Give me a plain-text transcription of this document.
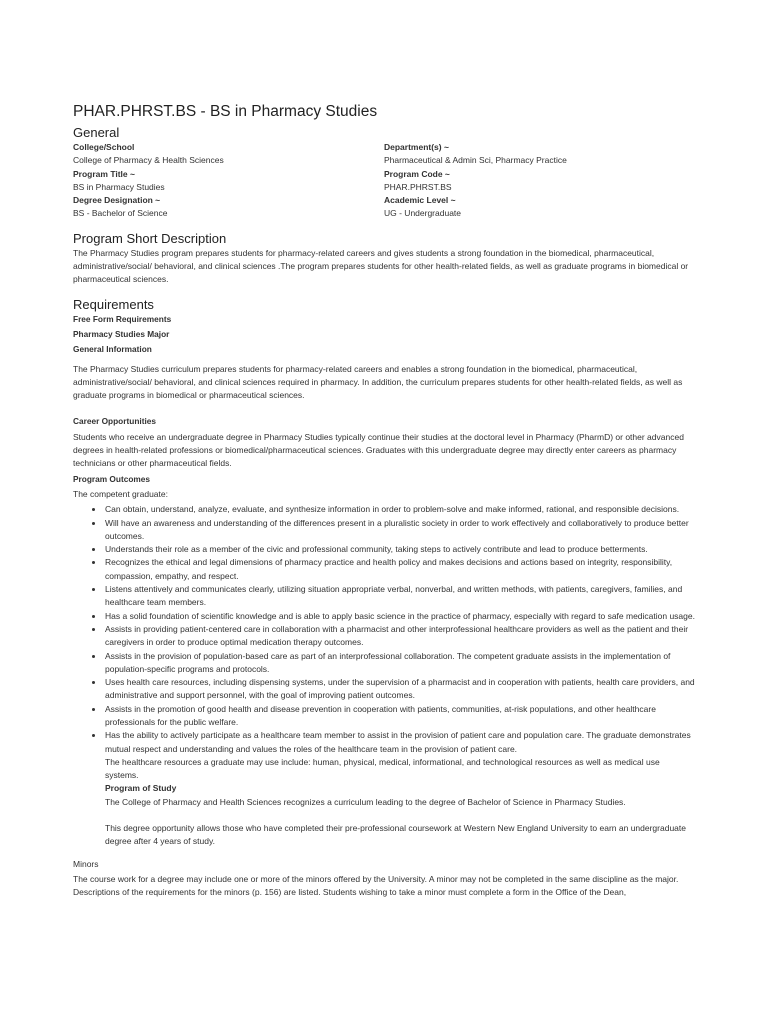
PHAR.PHRST.BS - BS in Pharmacy Studies
General
College/School
College of Pharmacy & Health Sciences
Program Title ~
BS in Pharmacy Studies
Degree Designation ~
BS - Bachelor of Science
Department(s) ~
Pharmaceutical & Admin Sci, Pharmacy Practice
Program Code ~
PHAR.PHRST.BS
Academic Level ~
UG - Undergraduate
Program Short Description

The Pharmacy Studies program prepares students for pharmacy-related careers and gives students a strong foundation in the biomedical, pharmaceutical, administrative/social/ behavioral, and clinical sciences .The program prepares students for other health-related fields, as well as graduate programs in biomedical or pharmaceutical sciences.

Requirements
Free Form Requirements
Pharmacy Studies Major
General Information

The Pharmacy Studies curriculum prepares students for pharmacy-related careers and enables a strong foundation in the biomedical, pharmaceutical, administrative/social/ behavioral, and clinical sciences required in pharmacy. In addition, the curriculum prepares students for other health-related fields, as well as graduate programs in biomedical or pharmaceutical sciences.

Career Opportunities

Students who receive an undergraduate degree in Pharmacy Studies typically continue their studies at the doctoral level in Pharmacy (PharmD) or other advanced degrees in health-related professions or biomedical/pharmaceutical sciences. Graduates with this undergraduate degree may directly enter careers as pharmacy technicians or other pharmaceutical fields.

Program Outcomes

The competent graduate:

• Can obtain, understand, analyze, evaluate, and synthesize information in order to problem-solve and make informed, rational, and responsible decisions.
• Will have an awareness and understanding of the differences present in a pluralistic society in order to work effectively and collaboratively to produce better outcomes.
• Understands their role as a member of the civic and professional community, taking steps to actively contribute and lead to produce betterments.
• Recognizes the ethical and legal dimensions of pharmacy practice and health policy and makes decisions and actions based on integrity, responsibility, compassion, empathy, and respect.
• Listens attentively and communicates clearly, utilizing situation appropriate verbal, nonverbal, and written methods, with patients, caregivers, families, and healthcare team members.
• Has a solid foundation of scientific knowledge and is able to apply basic science in the practice of pharmacy, especially with regard to safe medication usage.
• Assists in providing patient-centered care in collaboration with a pharmacist and other interprofessional healthcare providers as well as the patient and their caregivers in order to produce optimal medication therapy outcomes.
• Assists in the provision of population-based care as part of an interprofessional collaboration. The competent graduate assists in the implementation of population-specific programs and protocols.
• Uses health care resources, including dispensing systems, under the supervision of a pharmacist and in cooperation with patients, health care providers, and administrative and support personnel, with the goal of improving patient outcomes.
• Assists in the promotion of good health and disease prevention in cooperation with patients, communities, at-risk populations, and other healthcare professionals for the public welfare.
• Has the ability to actively participate as a healthcare team member to assist in the provision of patient care and population care. The graduate demonstrates mutual respect and understanding and values the roles of the healthcare team in the provision of patient care.
The healthcare resources a graduate may use include: human, physical, medical, informational, and technological resources as well as medical use systems.
Program of Study
The College of Pharmacy and Health Sciences recognizes a curriculum leading to the degree of Bachelor of Science in Pharmacy Studies.
This degree opportunity allows those who have completed their pre-professional coursework at Western New England University to earn an undergraduate degree after 4 years of study.

Minors

The course work for a degree may include one or more of the minors offered by the University. A minor may not be completed in the same discipline as the major. Descriptions of the requirements for the minors (p. 156) are listed. Students wishing to take a minor must complete a form in the Office of the Dean,
